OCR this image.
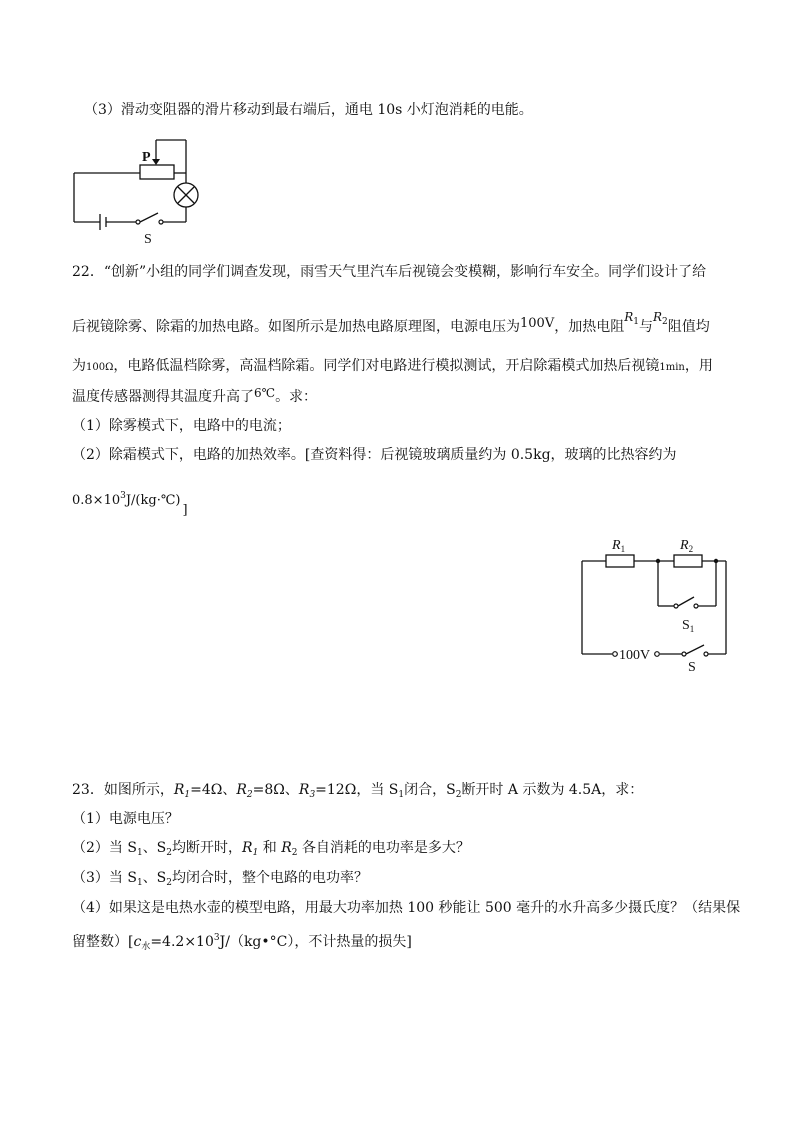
（3）滑动变阻器的滑片移动到最右端后，通电 10s 小灯泡消耗的电能。
P
S
22．“创新”小组的同学们调查发现，雨雪天气里汽车后视镜会变模糊，影响行车安全。同学们设计了给
后视镜除雾、除霜的加热电路。如图所示是加热电路原理图，电源电压为100V，加热电阻$R_1$与$R_2$阻值均
为100Ω，电路低温档除雾，高温档除霜。同学们对电路进行模拟测试，开启除霜模式加热后视镜1min，用
温度传感器测得其温度升高了6℃。求：
（1）除雾模式下，电路中的电流；
（2）除霜模式下，电路的加热效率。[查资料得：后视镜玻璃质量约为 0.5kg，玻璃的比热容约为
$0.8\times 10^3J/(kg\cdot℃)$]
$R_1$	$R_2$
$S_1$
100V
S
23．如图所示，$R_1=4\Omega$、$R_2=8\Omega$、$R_3=12\Omega$，当 $S_1$闭合，$S_2$断开时 A 示数为 4.5A，求：
（1）电源电压？
（2）当 $S_1$、$S_2$均断开时，$R_1$ 和 $R_2$ 各自消耗的电功率是多大？
（3）当 $S_1$、$S_2$均闭合时，整个电路的电功率？
（4）如果这是电热水壶的模型电路，用最大功率加热 100 秒能让 500 毫升的水升高多少摄氏度？（结果保
留整数）[$c_水=4.2\times 10^3J/(kg•^\circ C)$，不计热量的损失]
